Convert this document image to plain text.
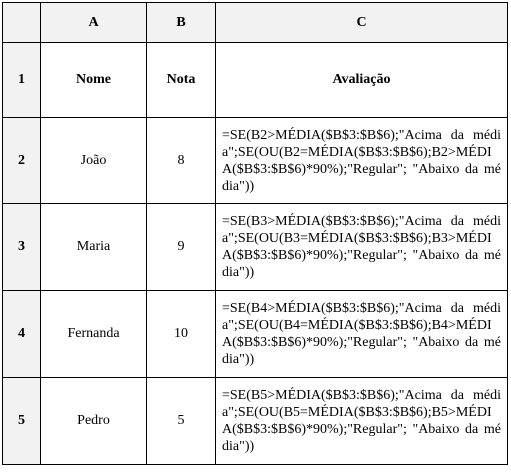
	A	B	C
1	Nome	Nota	Avaliação
2	João	8	=SE(B2>MÉDIA($B$3:$B$6);"Acima da média";SE(OU(B2=MÉDIA($B$3:$B$6);B2>MÉDIA($B$3:$B$6)*90%);"Regular"; "Abaixo da média"))
3	Maria	9	=SE(B3>MÉDIA($B$3:$B$6);"Acima da média";SE(OU(B3=MÉDIA($B$3:$B$6);B3>MÉDIA($B$3:$B$6)*90%);"Regular"; "Abaixo da média"))
4	Fernanda	10	=SE(B4>MÉDIA($B$3:$B$6);"Acima da média";SE(OU(B4=MÉDIA($B$3:$B$6);B4>MÉDIA($B$3:$B$6)*90%);"Regular"; "Abaixo da média"))
5	Pedro	5	=SE(B5>MÉDIA($B$3:$B$6);"Acima da média";SE(OU(B5=MÉDIA($B$3:$B$6);B5>MÉDIA($B$3:$B$6)*90%);"Regular"; "Abaixo da média"))
